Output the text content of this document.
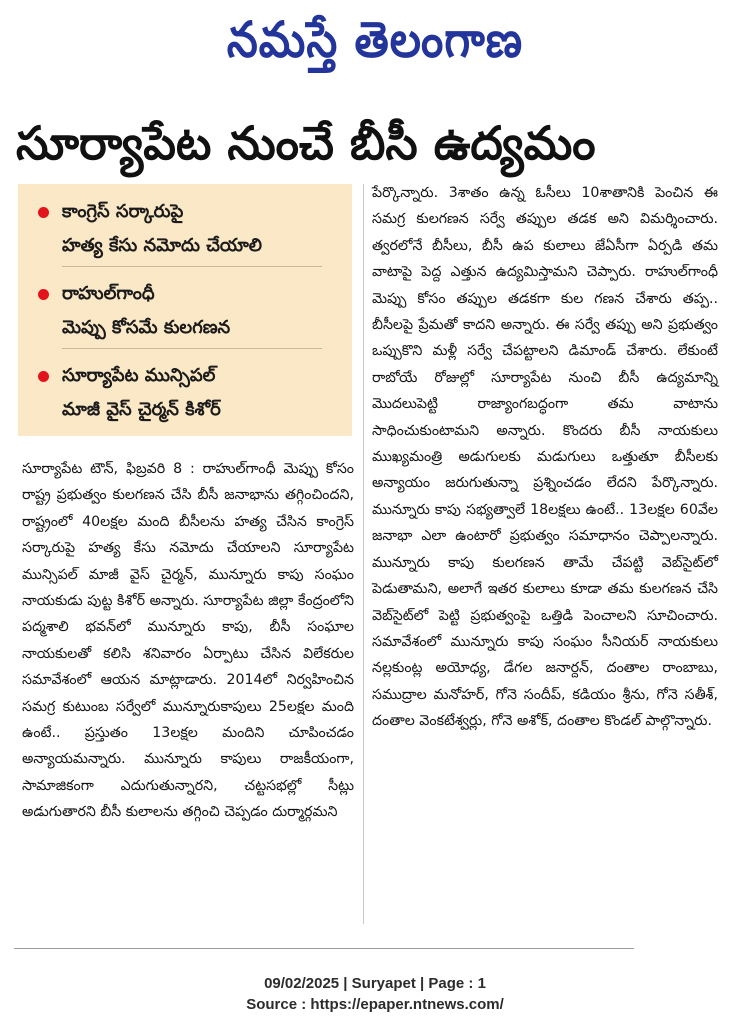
నమస్తే తెలంగాణ
సూర్యాపేట నుంచే బీసీ ఉద్యమం
కాంగ్రెస్ సర్కారుపై
హత్య కేసు నమోదు చేయాలి
రాహుల్‌గాంధీ
మెప్పు కోసమే కులగణన
సూర్యాపేట మున్సిపల్
మాజీ వైస్ చైర్మన్ కిశోర్

సూర్యాపేట టౌన్, ఫిబ్రవరి 8 : రాహుల్‌గాంధీ మెప్పు కోసం రాష్ట్ర ప్రభుత్వం కులగణన చేసి బీసీ జనాభాను తగ్గించిందని, రాష్ట్రంలో 40లక్షల మంది బీసీలను హత్య చేసిన కాంగ్రెస్ సర్కారుపై హత్య కేసు నమోదు చేయాలని సూర్యాపేట మున్సిపల్ మాజీ వైస్ చైర్మన్, మున్నూరు కాపు సంఘం నాయకుడు పుట్ట కిశోర్ అన్నారు. సూర్యాపేట జిల్లా కేంద్రంలోని పద్మశాలి భవన్‌లో మున్నూరు కాపు, బీసీ సంఘాల నాయకులతో కలిసి శనివారం ఏర్పాటు చేసిన విలేకరుల సమావేశంలో ఆయన మాట్లాడారు. 2014లో నిర్వహించిన సమగ్ర కుటుంబ సర్వేలో మున్నూరుకాపులు 25లక్షల మంది ఉంటే.. ప్రస్తుతం 13లక్షల మందిని చూపించడం అన్యాయమన్నారు. మున్నూరు కాపులు రాజకీయంగా, సామాజికంగా ఎదుగుతున్నారని, చట్టసభల్లో సీట్లు అడుగుతారని బీసీ కులాలను తగ్గించి చెప్పడం దుర్మార్గమని

పేర్కొన్నారు. 3శాతం ఉన్న ఓసీలు 10శాతానికి పెంచిన ఈ సమగ్ర కులగణన సర్వే తప్పుల తడక అని విమర్శించారు. త్వరలోనే బీసీలు, బీసీ ఉప కులాలు జేఏసీగా ఏర్పడి తమ వాటాపై పెద్ద ఎత్తున ఉద్యమిస్తామని చెప్పారు. రాహుల్‌గాంధీ మెప్పు కోసం తప్పుల తడకగా కుల గణన చేశారు తప్ప.. బీసీలపై ప్రేమతో కాదని అన్నారు. ఈ సర్వే తప్పు అని ప్రభుత్వం ఒప్పుకొని మళ్లీ సర్వే చేపట్టాలని డిమాండ్ చేశారు. లేకుంటే రాబోయే రోజుల్లో సూర్యాపేట నుంచి బీసీ ఉద్యమాన్ని మొదలుపెట్టి రాజ్యాంగబద్ధంగా తమ వాటాను సాధించుకుంటామని అన్నారు. కొందరు బీసీ నాయకులు ముఖ్యమంత్రి అడుగులకు మడుగులు ఒత్తుతూ బీసీలకు అన్యాయం జరుగుతున్నా ప్రశ్నించడం లేదని పేర్కొన్నారు. మున్నూరు కాపు సభ్యత్వాలే 18లక్షలు ఉంటే.. 13లక్షల 60వేల జనాభా ఎలా ఉంటారో ప్రభుత్వం సమాధానం చెప్పాలన్నారు. మున్నూరు కాపు కులగణన తామే చేపట్టి వెబ్‌సైట్‌లో పెడుతామని, అలాగే ఇతర కులాలు కూడా తమ కులగణన చేసి వెబ్‌సైట్‌లో పెట్టి ప్రభుత్వంపై ఒత్తిడి పెంచాలని సూచించారు. సమావేశంలో మున్నూరు కాపు సంఘం సీనియర్ నాయకులు నల్లకుంట్ల అయోధ్య, డేగల జనార్దన్, దంతాల రాంబాబు, సముద్రాల మనోహర్, గోనె సందీప్, కడియం శ్రీను, గోనె సతీశ్, దంతాల వెంకటేశ్వర్లు, గోనె అశోక్, దంతాల కొండల్ పాల్గొన్నారు.

09/02/2025 | Suryapet | Page : 1
Source : https://epaper.ntnews.com/
